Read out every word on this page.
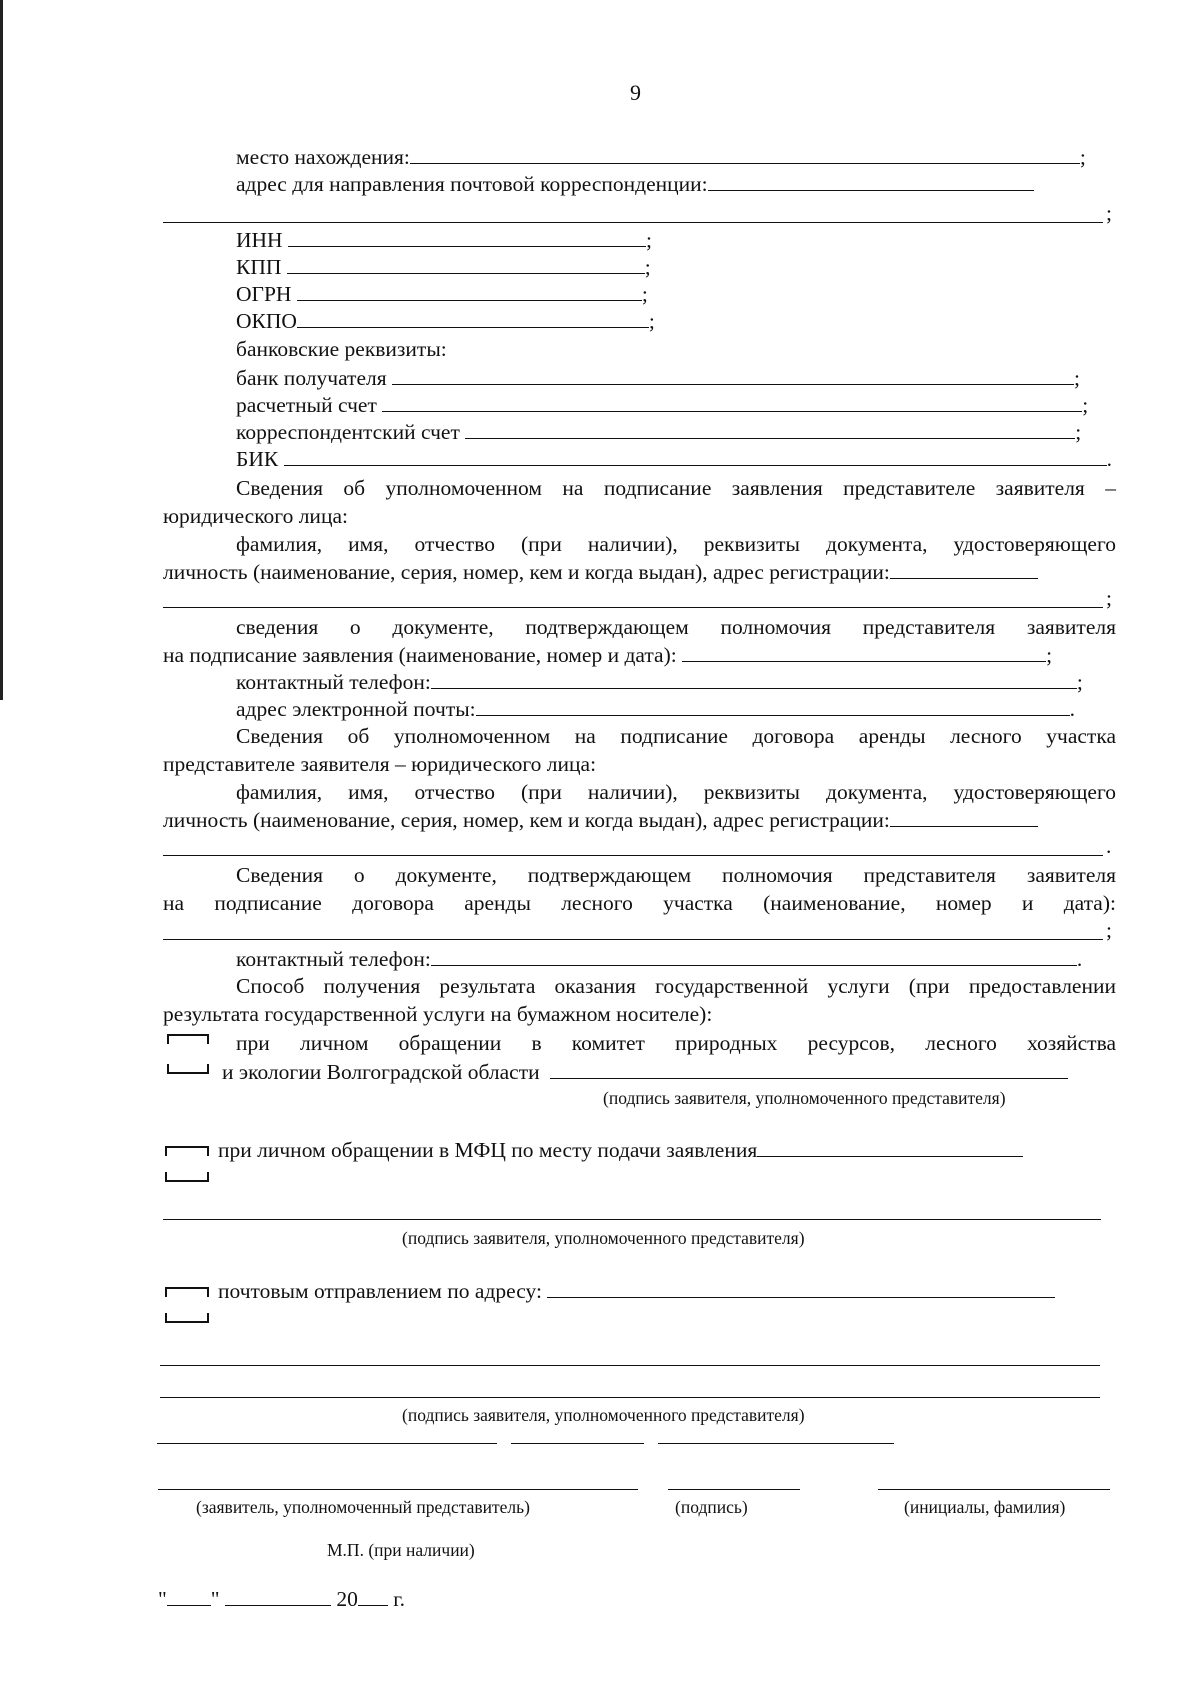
9
место нахождения:	;
адрес для направления почтовой корреспонденции:
;
ИНН	;
КПП	;
ОГРН	;
ОКПО	;
банковские реквизиты:
банк получателя	;
расчетный счет	;
корреспондентский счет	;
БИК	.
Сведения об уполномоченном на подписание заявления представителе заявителя –
юридического лица:
фамилия, имя, отчество (при наличии), реквизиты документа, удостоверяющего
личность (наименование, серия, номер, кем и когда выдан), адрес регистрации:
;
сведения о документе, подтверждающем полномочия представителя заявителя
на подписание заявления (наименование, номер и дата):	;
контактный телефон:	;
адрес электронной почты:	.
Сведения об уполномоченном на подписание договора аренды лесного участка
представителе заявителя – юридического лица:
фамилия, имя, отчество (при наличии), реквизиты документа, удостоверяющего
личность (наименование, серия, номер, кем и когда выдан), адрес регистрации:
.
Сведения о документе, подтверждающем полномочия представителя заявителя
на подписание договора аренды лесного участка (наименование, номер и дата):
;
контактный телефон:	.
Способ получения результата оказания государственной услуги (при предоставлении
результата государственной услуги на бумажном носителе):
при личном обращении в комитет природных ресурсов, лесного хозяйства
и экологии Волгоградской области
(подпись заявителя, уполномоченного представителя)
при личном обращении в МФЦ по месту подачи заявления
(подпись заявителя, уполномоченного представителя)
почтовым отправлением по адресу:
(подпись заявителя, уполномоченного представителя)
(заявитель, уполномоченный представитель)	(подпись)	(инициалы, фамилия)
М.П. (при наличии)
" "	20 г.
